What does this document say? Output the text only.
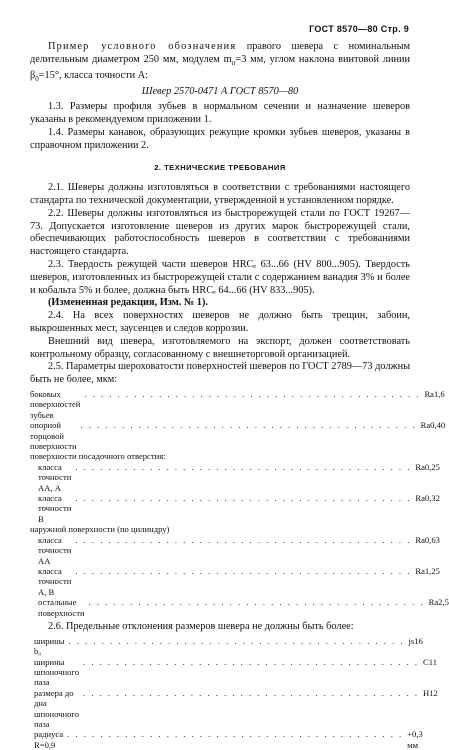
ГОСТ 8570—80 Стр. 9

Пример условного обозначения правого шевера с номинальным делительным диаметром 250 мм, модулем $m_п=3$ мм, углом наклона винтовой линии $\beta_0=15^\circ$, класса точности А:

Шевер 2570-0471 А ГОСТ 8570—80

1.3. Размеры профиля зубьев в нормальном сечении и назначение шеверов указаны в рекомендуемом приложении 1.

1.4. Размеры канавок, образующих режущие кромки зубьев шеверов, указаны в справочном приложении 2.

2. ТЕХНИЧЕСКИЕ ТРЕБОВАНИЯ

2.1. Шеверы должны изготовляться в соответствии с требованиями настоящего стандарта по технической документации, утвержденной в установленном порядке.

2.2. Шеверы должны изготовляться из быстрорежущей стали по ГОСТ 19267—73. Допускается изготовление шеверов из других марок быстрорежущей стали, обеспечивающих работоспособность шеверов в соответствии с требованиями настоящего стандарта.

2.3. Твердость режущей части шеверов HRCₑ 63...66 (HV 800...905). Твердость шеверов, изготовленных из быстрорежущей стали с содержанием ванадия 3% и более и кобальта 5% и более, должна быть HRCₑ 64...66 (HV 833...905).

(Измененная редакция, Изм. № 1).

2.4. На всех поверхностях шеверов не должно быть трещин, забоин, выкрошенных мест, заусенцев и следов коррозии.

Внешний вид шевера, изготовляемого на экспорт, должен соответствовать контрольному образцу, согласованному с внешнеторговой организацией.

2.5. Параметры шероховатости поверхностей шеверов по ГОСТ 2789—73 должны быть не более, мкм:

боковых поверхностей зубьев
. . . . . . . . . . . . . . . . . . . . . . . . . . . . . . . . . . . . . . . . . Ra1,6
опорной торцовой поверхности
. . . . . . . . . . . . . . . . . . . . . . . . . . . . . . . . . . . . . . . . . Ra0,40
поверхности посадочного отверстия:
класса точности АА, А
. . . . . . . . . . . . . . . . . . . . . . . . . . . . . . . . . . . . . . . . . Ra0,25
класса точности В
. . . . . . . . . . . . . . . . . . . . . . . . . . . . . . . . . . . . . . . . . Ra0,32
наружной поверхности (по цилиндру)
класса точности АА
. . . . . . . . . . . . . . . . . . . . . . . . . . . . . . . . . . . . . . . . . Ra0,63
класса точности А, В
. . . . . . . . . . . . . . . . . . . . . . . . . . . . . . . . . . . . . . . . . Ra1,25
остальные поверхности
. . . . . . . . . . . . . . . . . . . . . . . . . . . . . . . . . . . . . . . . . Ra2,5

2.6. Предельные отклонения размеров шевера не должны быть более:

ширины b₀
. . . . . . . . . . . . . . . . . . . . . . . . . . . . . . . . . . . . . . . . . js16
ширины шпоночного паза
. . . . . . . . . . . . . . . . . . . . . . . . . . . . . . . . . . . . . . . . . C11
размера до дна шпоночного паза
. . . . . . . . . . . . . . . . . . . . . . . . . . . . . . . . . . . . . . . . . H12
радиуса R=0,9
. . . . . . . . . . . . . . . . . . . . . . . . . . . . . . . . . . . . . . . . . +0,3 мм
